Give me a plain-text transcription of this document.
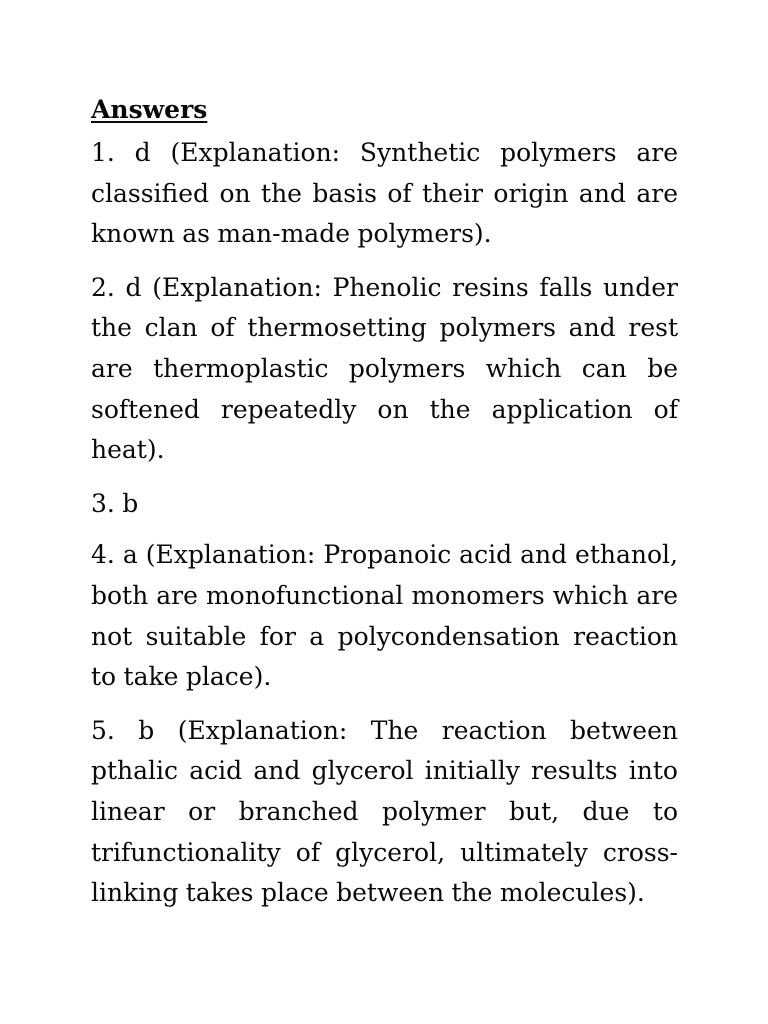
Answers

1. d (Explanation: Synthetic polymers are classified on the basis of their origin and are known as man-made polymers).

2. d (Explanation: Phenolic resins falls under the clan of thermosetting polymers and rest are thermoplastic polymers which can be softened repeatedly on the application of heat).

3. b

4. a (Explanation: Propanoic acid and ethanol, both are monofunctional monomers which are not suitable for a polycondensation reaction to take place).

5. b (Explanation: The reaction between pthalic acid and glycerol initially results into linear or branched polymer but, due to trifunctionality of glycerol, ultimately cross-linking takes place between the molecules).
